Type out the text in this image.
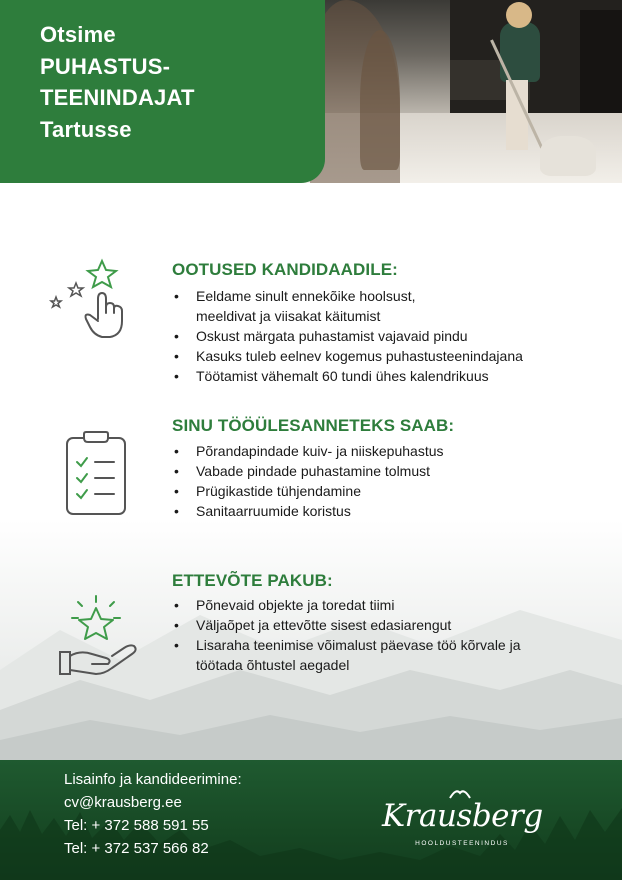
Otsime
PUHASTUS-
TEENINDAJAT
Tartusse
OOTUSED KANDIDAADILE:
• Eeldame sinult ennekõike hoolsust,
meeldivat ja viisakat käitumist
• Oskust märgata puhastamist vajavaid pindu
• Kasuks tuleb eelnev kogemus puhastusteenindajana
• Töötamist vähemalt 60 tundi ühes kalendrikuus
SINU TÖÖÜLESANNETEKS SAAB:
• Põrandapindade kuiv- ja niiskepuhastus
• Vabade pindade puhastamine tolmust
• Prügikastide tühjendamine
• Sanitaarruumide koristus
ETTEVÕTE PAKUB:
• Põnevaid objekte ja toredat tiimi
• Väljaõpet ja ettevõtte sisest edasiarengut
• Lisaraha teenimise võimalust päevase töö kõrvale ja
töötada õhtustel aegadel
Lisainfo ja kandideerimine:
cv@krausberg.ee
Tel: + 372 588 591 55
Tel: + 372 537 566 82
Krausberg
HOOLDUSTEENINDUS
